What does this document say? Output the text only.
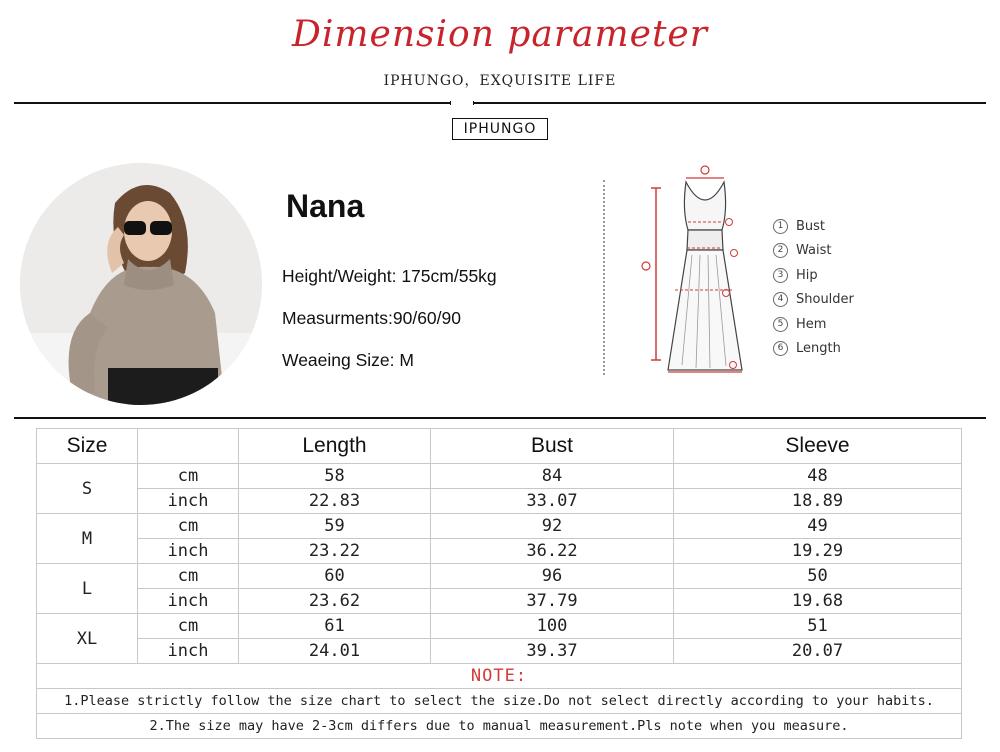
Dimension parameter
IPHUNGO，EXQUISITE LIFE
IPHUNGO
Nana
Height/Weight: 175cm/55kg
Measurments:90/60/90
Weaeing Size: M
1 Bust
2 Waist
3 Hip
4 Shoulder
5 Hem
6 Length
Size		Length	Bust	Sleeve
S	cm	58	84	48
	inch	22.83	33.07	18.89
M	cm	59	92	49
	inch	23.22	36.22	19.29
L	cm	60	96	50
	inch	23.62	37.79	19.68
XL	cm	61	100	51
	inch	24.01	39.37	20.07
NOTE:				
1.Please strictly follow the size chart to select the size.Do not select directly according to your habits.				
2.The size may have 2-3cm differs due to manual measurement.Pls note when you measure.				
